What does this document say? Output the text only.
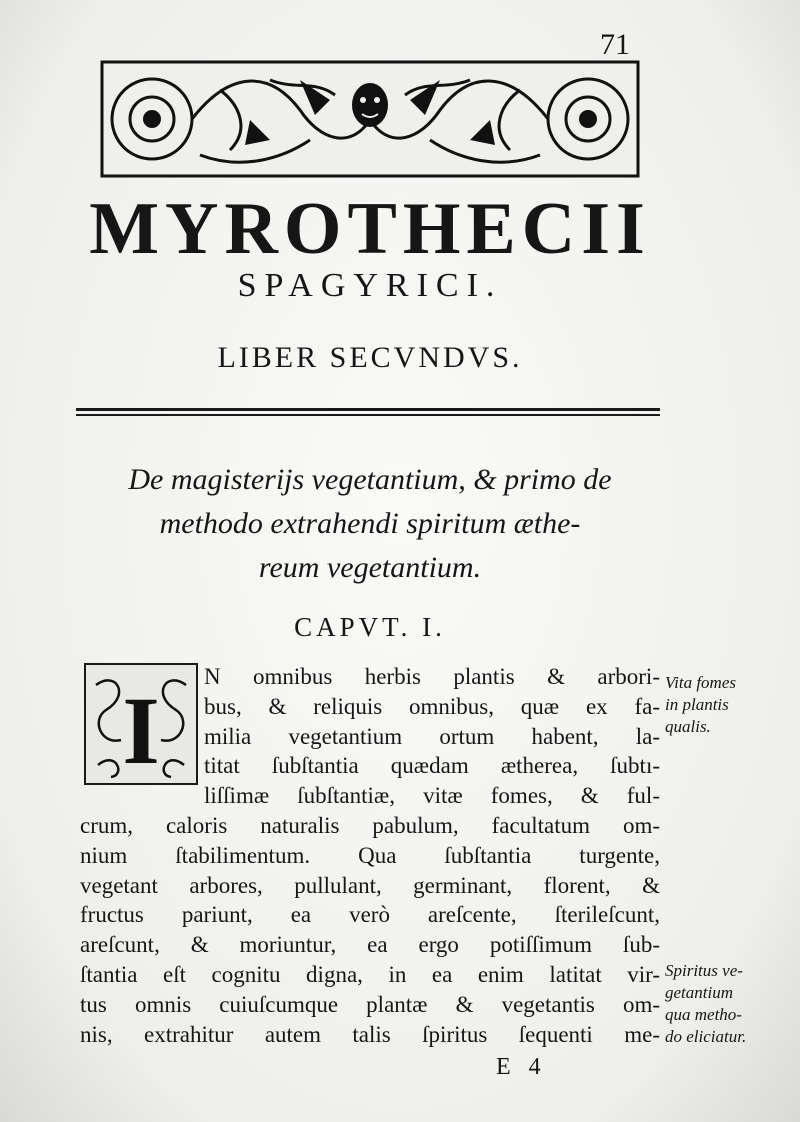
71
MYROTHECII
SPAGYRICI.
LIBER SECVNDVS.
De magisterijs vegetantium, & primo de
methodo extrahendi spiritum æthe-
reum vegetantium.
CAPVT. I.
I
N omnibus herbis plantis & arbori-
bus, & reliquis omnibus, quæ ex fa-
milia vegetantium ortum habent, la-
titat ſubſtantia quædam ætherea, ſubtı-
liſſimæ ſubſtantiæ, vitæ fomes, & ful-
crum, caloris naturalis pabulum, facultatum om-
nium ſtabilimentum. Qua ſubſtantia turgente,
vegetant arbores, pullulant, germinant, florent, &
fructus pariunt, ea verò areſcente, ſterileſcunt,
areſcunt, & moriuntur, ea ergo potiſſimum ſub-
ſtantia eſt cognitu digna, in ea enim latitat vir-
tus omnis cuiuſcumque plantæ & vegetantis om-
nis, extrahitur autem talis ſpiritus ſequenti me-
Vita fomes
in plantis
qualis.
Spiritus ve-
getantium
qua metho-
do eliciatur.
E 4
